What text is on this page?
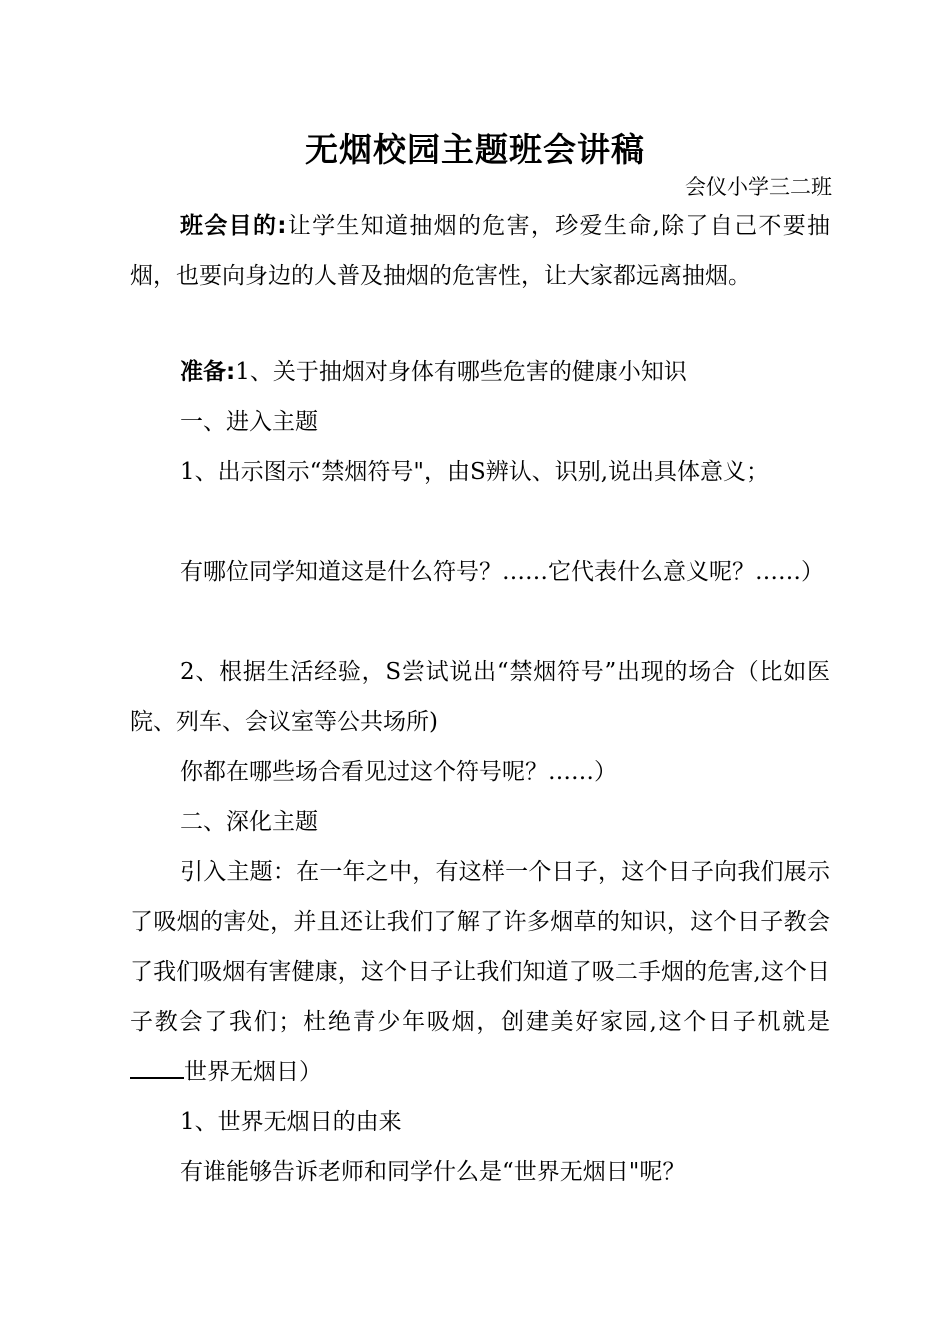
无烟校园主题班会讲稿
会仪小学三二班
班会目的:让学生知道抽烟的危害，珍爱生命,除了自己不要抽烟，也要向身边的人普及抽烟的危害性，让大家都远离抽烟。
准备:1、关于抽烟对身体有哪些危害的健康小知识
一、进入主题
1、出示图示“禁烟符号"，由S辨认、识别,说出具体意义；
有哪位同学知道这是什么符号？……它代表什么意义呢？……）
2、根据生活经验，S尝试说出“禁烟符号”出现的场合（比如医院、列车、会议室等公共场所)
你都在哪些场合看见过这个符号呢？……）
二、深化主题
引入主题：在一年之中，有这样一个日子，这个日子向我们展示了吸烟的害处，并且还让我们了解了许多烟草的知识，这个日子教会了我们吸烟有害健康，这个日子让我们知道了吸二手烟的危害,这个日子教会了我们；杜绝青少年吸烟，创建美好家园,这个日子机就是世界无烟日）
1、世界无烟日的由来
有谁能够告诉老师和同学什么是“世界无烟日"呢？
